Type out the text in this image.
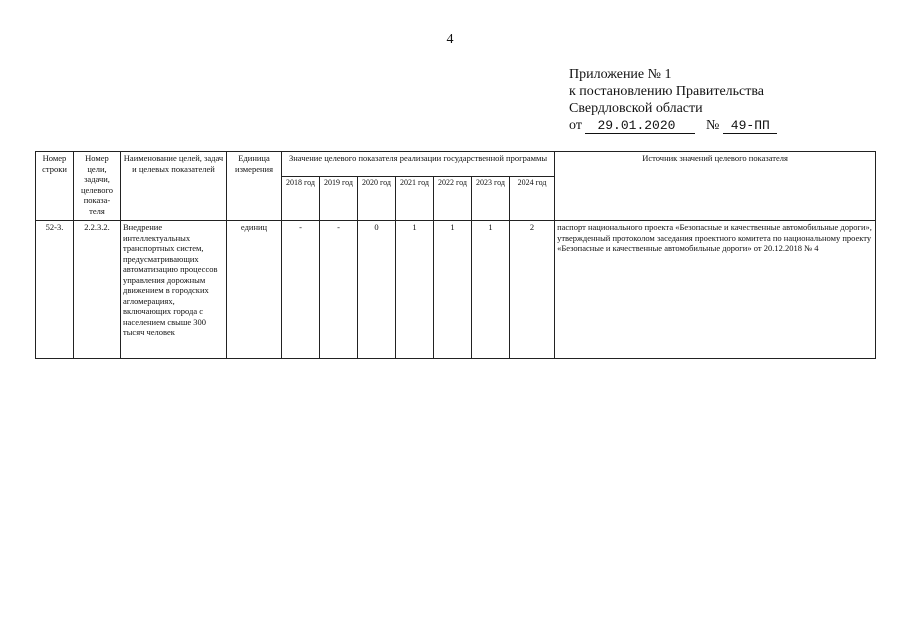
4
Приложение № 1
к постановлению Правительства
Свердловской области
от 29.01.2020 № 49-ПП
Номер строки	Номер цели, задачи, целевого показа-теля	Наименование целей, задач и целевых показателей	Единица измерения	Значение целевого показателя реализации государственной программы							Источник значений целевого показателя
				2018 год	2019 год	2020 год	2021 год	2022 год	2023 год	2024 год	
52-3.	2.2.3.2.	Внедрение интеллектуальных транспортных систем, предусматривающих автоматизацию процессов управления дорожным движением в городских агломерациях, включающих города с населением свыше 300 тысяч человек	единиц	-	-	0	1	1	1	2	паспорт национального проекта «Безопасные и качественные автомобильные дороги», утвержденный протоколом заседания проектного комитета по национальному проекту «Безопасные и качественные автомобильные дороги» от 20.12.2018 № 4
